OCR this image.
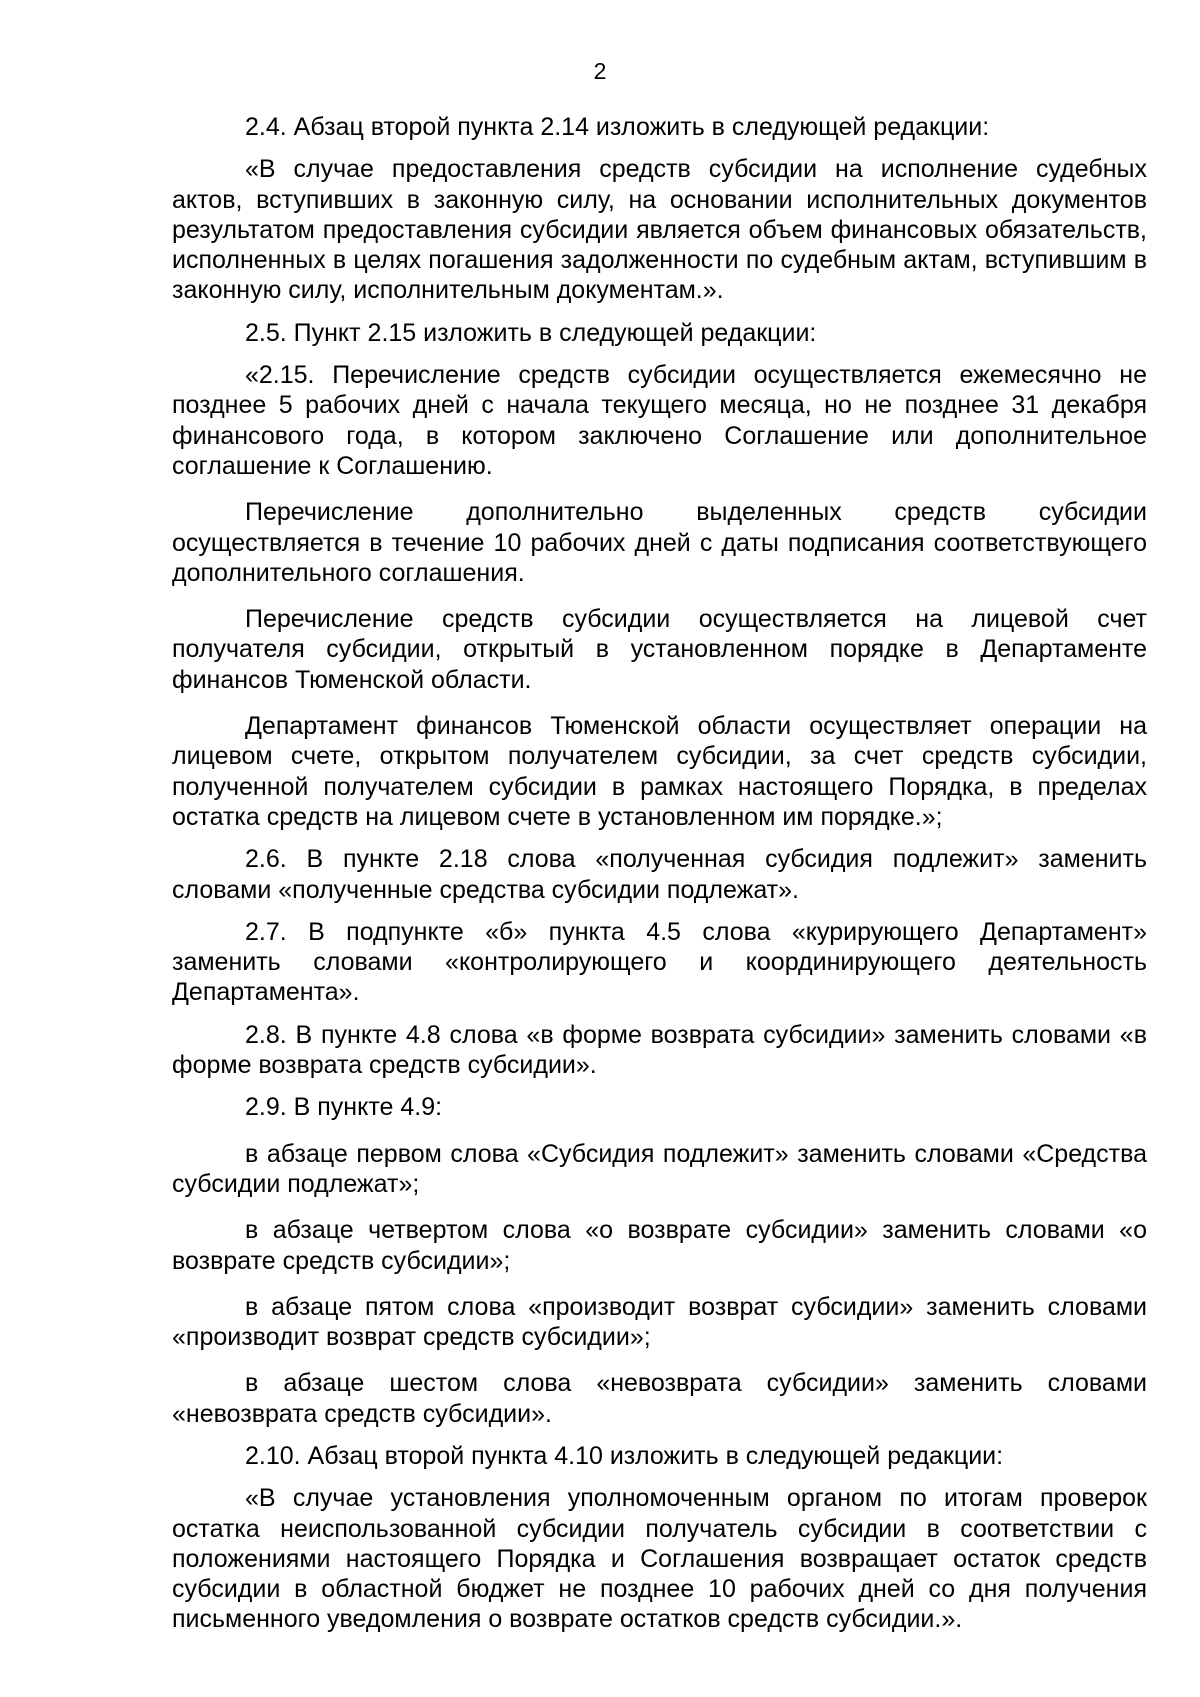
2

2.4. Абзац второй пункта 2.14 изложить в следующей редакции:

«В случае предоставления средств субсидии на исполнение судебных актов, вступивших в законную силу, на основании исполнительных документов результатом предоставления субсидии является объем финансовых обязательств, исполненных в целях погашения задолженности по судебным актам, вступившим в законную силу, исполнительным документам.».

2.5. Пункт 2.15 изложить в следующей редакции:

«2.15. Перечисление средств субсидии осуществляется ежемесячно не позднее 5 рабочих дней с начала текущего месяца, но не позднее 31 декабря финансового года, в котором заключено Соглашение или дополнительное соглашение к Соглашению.

Перечисление дополнительно выделенных средств субсидии осуществляется в течение 10 рабочих дней с даты подписания соответствующего дополнительного соглашения.

Перечисление средств субсидии осуществляется на лицевой счет получателя субсидии, открытый в установленном порядке в Департаменте финансов Тюменской области.

Департамент финансов Тюменской области осуществляет операции на лицевом счете, открытом получателем субсидии, за счет средств субсидии, полученной получателем субсидии в рамках настоящего Порядка, в пределах остатка средств на лицевом счете в установленном им порядке.»;

2.6. В пункте 2.18 слова «полученная субсидия подлежит» заменить словами «полученные средства субсидии подлежат».

2.7. В подпункте «б» пункта 4.5 слова «курирующего Департамент» заменить словами «контролирующего и координирующего деятельность Департамента».

2.8. В пункте 4.8 слова «в форме возврата субсидии» заменить словами «в форме возврата средств субсидии».

2.9. В пункте 4.9:

в абзаце первом слова «Субсидия подлежит» заменить словами «Средства субсидии подлежат»;

в абзаце четвертом слова «о возврате субсидии» заменить словами «о возврате средств субсидии»;

в абзаце пятом слова «производит возврат субсидии» заменить словами «производит возврат средств субсидии»;

в абзаце шестом слова «невозврата субсидии» заменить словами «невозврата средств субсидии».

2.10. Абзац второй пункта 4.10 изложить в следующей редакции:

«В случае установления уполномоченным органом по итогам проверок остатка неиспользованной субсидии получатель субсидии в соответствии с положениями настоящего Порядка и Соглашения возвращает остаток средств субсидии в областной бюджет не позднее 10 рабочих дней со дня получения письменного уведомления о возврате остатков средств субсидии.».
